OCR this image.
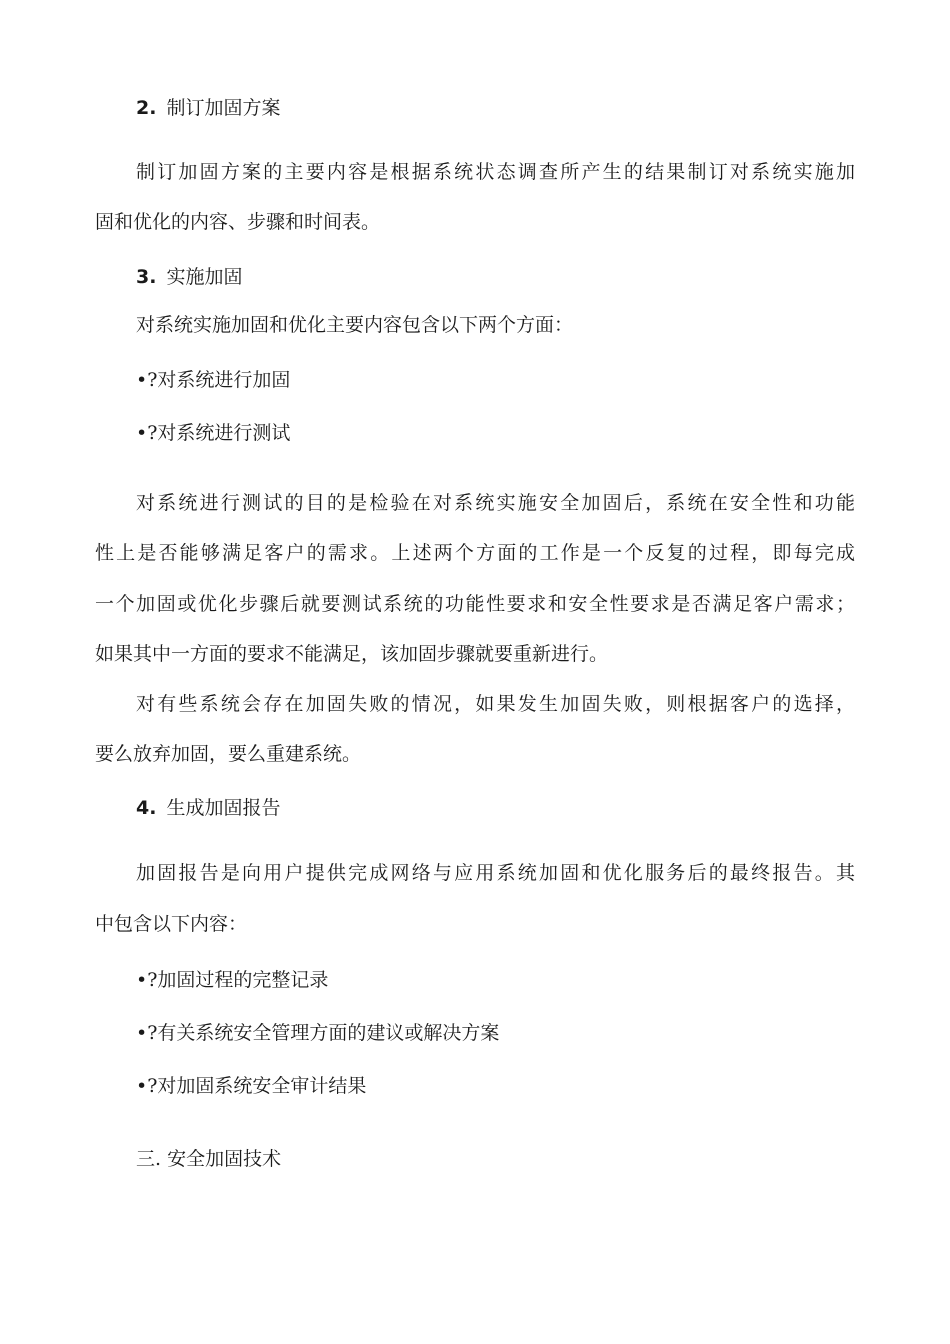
2. 制订加固方案
制订加固方案的主要内容是根据系统状态调查所产生的结果制订对系统实施加
固和优化的内容、步骤和时间表。
3. 实施加固
对系统实施加固和优化主要内容包含以下两个方面：
•?对系统进行加固
•?对系统进行测试
对系统进行测试的目的是检验在对系统实施安全加固后，系统在安全性和功能
性上是否能够满足客户的需求。上述两个方面的工作是一个反复的过程，即每完成
一个加固或优化步骤后就要测试系统的功能性要求和安全性要求是否满足客户需求；
如果其中一方面的要求不能满足，该加固步骤就要重新进行。
对有些系统会存在加固失败的情况，如果发生加固失败，则根据客户的选择，
要么放弃加固，要么重建系统。
4. 生成加固报告
加固报告是向用户提供完成网络与应用系统加固和优化服务后的最终报告。其
中包含以下内容：
•?加固过程的完整记录
•?有关系统安全管理方面的建议或解决方案
•?对加固系统安全审计结果
三. 安全加固技术
